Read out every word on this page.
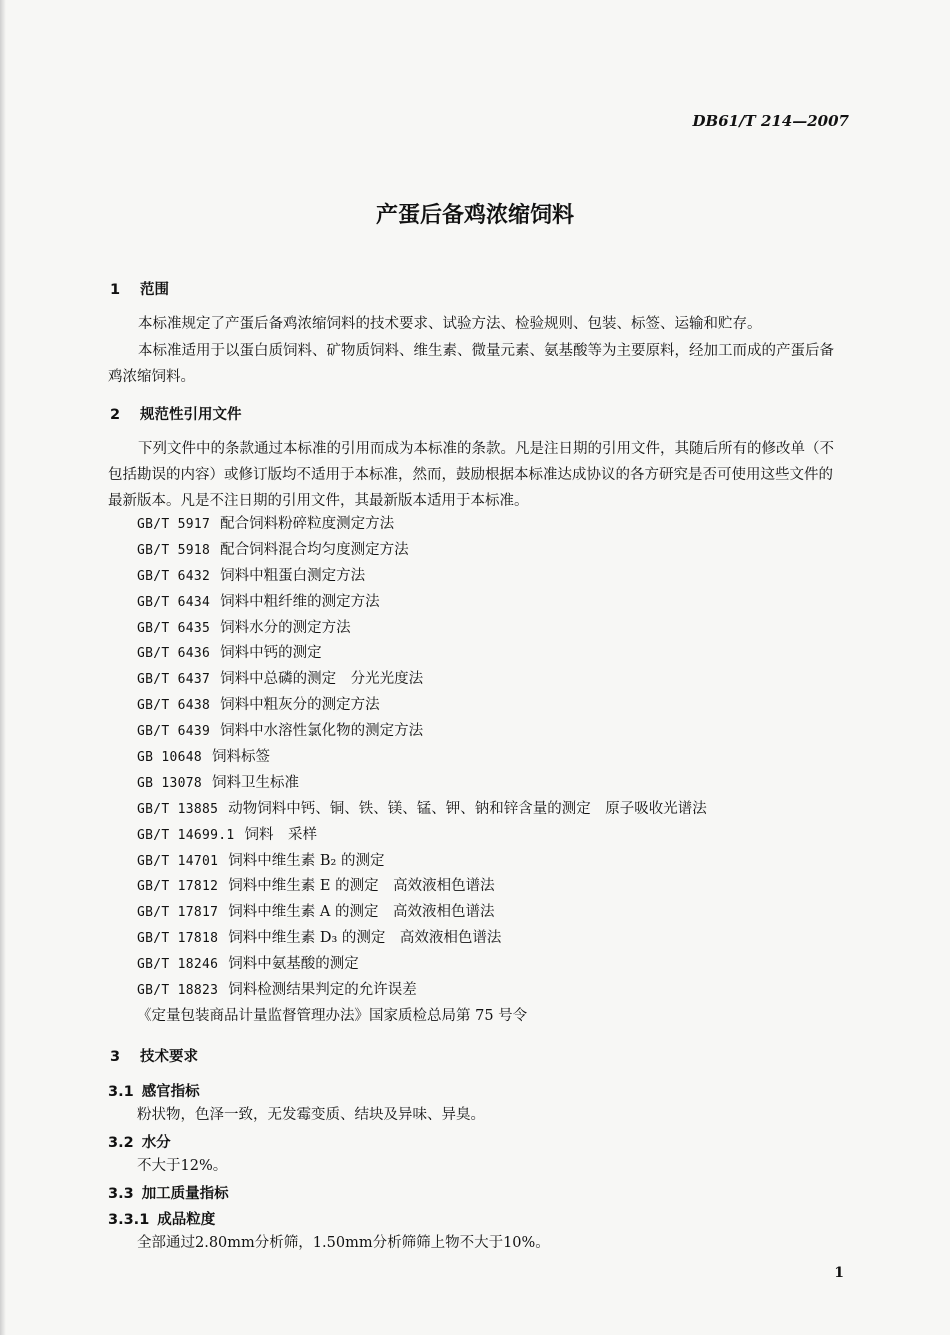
DB61/T 214—2007
产蛋后备鸡浓缩饲料
1 范围
本标准规定了产蛋后备鸡浓缩饲料的技术要求、试验方法、检验规则、包装、标签、运输和贮存。
本标准适用于以蛋白质饲料、矿物质饲料、维生素、微量元素、氨基酸等为主要原料，经加工而成的产蛋后备鸡浓缩饲料。
2 规范性引用文件
下列文件中的条款通过本标准的引用而成为本标准的条款。凡是注日期的引用文件，其随后所有的修改单（不包括勘误的内容）或修订版均不适用于本标准，然而，鼓励根据本标准达成协议的各方研究是否可使用这些文件的最新版本。凡是不注日期的引用文件，其最新版本适用于本标准。
GB/T 5917 配合饲料粉碎粒度测定方法
GB/T 5918 配合饲料混合均匀度测定方法
GB/T 6432 饲料中粗蛋白测定方法
GB/T 6434 饲料中粗纤维的测定方法
GB/T 6435 饲料水分的测定方法
GB/T 6436 饲料中钙的测定
GB/T 6437 饲料中总磷的测定　分光光度法
GB/T 6438 饲料中粗灰分的测定方法
GB/T 6439 饲料中水溶性氯化物的测定方法
GB 10648 饲料标签
GB 13078 饲料卫生标准
GB/T 13885 动物饲料中钙、铜、铁、镁、锰、钾、钠和锌含量的测定　原子吸收光谱法
GB/T 14699.1 饲料　采样
GB/T 14701 饲料中维生素 B₂ 的测定
GB/T 17812 饲料中维生素 E 的测定　高效液相色谱法
GB/T 17817 饲料中维生素 A 的测定　高效液相色谱法
GB/T 17818 饲料中维生素 D₃ 的测定　高效液相色谱法
GB/T 18246 饲料中氨基酸的测定
GB/T 18823 饲料检测结果判定的允许误差
《定量包装商品计量监督管理办法》国家质检总局第 75 号令
3 技术要求
3.1 感官指标
粉状物，色泽一致，无发霉变质、结块及异味、异臭。
3.2 水分
不大于12%。
3.3 加工质量指标
3.3.1 成品粒度
全部通过2.80mm分析筛，1.50mm分析筛筛上物不大于10%。
1
